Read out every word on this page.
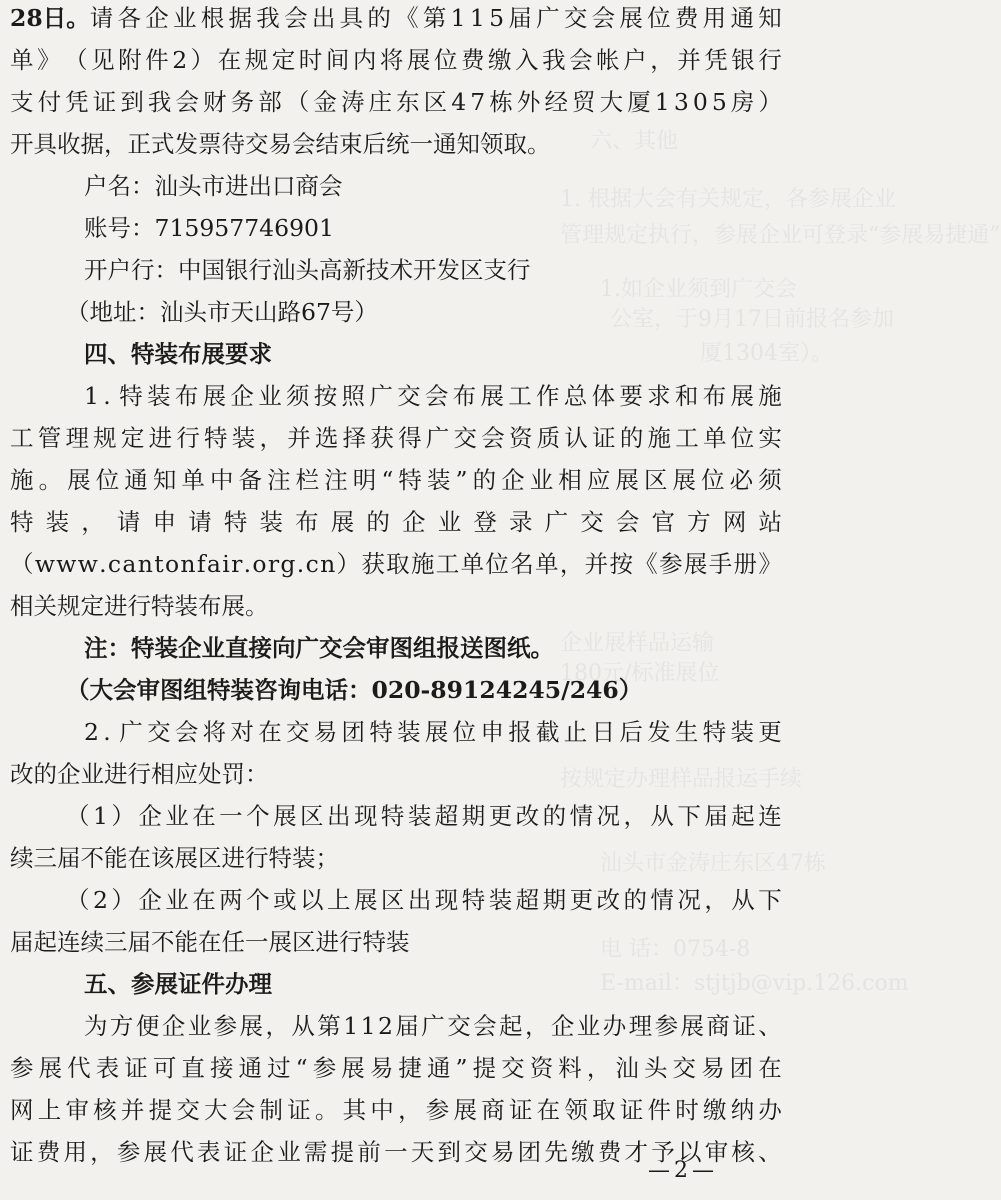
六、其他
1. 根据大会有关规定，各参展企业
管理规定执行，参展企业可登录“参展易捷通”
1.如企业须到广交会
公室，于9月17日前报名参加
厦1304室）。
企业展样品运输
180元/标准展位
按规定办理样品报运手续
汕头市金涛庄东区47栋
电 话：0754-8
E-mail：stjtjb@vip.126.com
28日。 请 各 企 业 根 据 我 会 出 具 的 《 第 1 1 5 届 广 交 会 展 位 费 用 通 知
单 》 （ 见 附 件 2 ） 在 规 定 时 间 内 将 展 位 费 缴 入 我 会 帐 户 ， 并 凭 银 行
支 付 凭 证 到 我 会 财 务 部 （ 金 涛 庄 东 区 4 7 栋 外 经 贸 大 厦 1 3 0 5 房 ）
开具收据，正式发票待交易会结束后统一通知领取。
户名：汕头市进出口商会
账号：715957746901
开户行：中国银行汕头高新技术开发区支行
（地址：汕头市天山路67号）
四、特装布展要求
1 . 特 装 布 展 企 业 须 按 照 广 交 会 布 展 工 作 总 体 要 求 和 布 展 施
工 管 理 规 定 进 行 特 装 ， 并 选 择 获 得 广 交 会 资 质 认 证 的 施 工 单 位 实
施 。 展 位 通 知 单 中 备 注 栏 注 明 “ 特 装 ” 的 企 业 相 应 展 区 展 位 必 须
特 装 ， 请 申 请 特 装 布 展 的 企 业 登 录 广 交 会 官 方 网 站
（ w w w . c a n t o n f a i r . o r g . c n ） 获 取 施 工 单 位 名 单 ， 并 按 《 参 展 手 册 》
相关规定进行特装布展。
注：特装企业直接向广交会审图组报送图纸。
（大会审图组特装咨询电话：020-89124245/246）
2 . 广 交 会 将 对 在 交 易 团 特 装 展 位 申 报 截 止 日 后 发 生 特 装 更
改的企业进行相应处罚：
（ 1 ） 企 业 在 一 个 展 区 出 现 特 装 超 期 更 改 的 情 况 ， 从 下 届 起 连
续三届不能在该展区进行特装；
（ 2 ） 企 业 在 两 个 或 以 上 展 区 出 现 特 装 超 期 更 改 的 情 况 ， 从 下
届起连续三届不能在任一展区进行特装
五、参展证件办理
为 方 便 企 业 参 展 ， 从 第 1 1 2 届 广 交 会 起 ， 企 业 办 理 参 展 商 证 、
参 展 代 表 证 可 直 接 通 过 “ 参 展 易 捷 通 ” 提 交 资 料 ， 汕 头 交 易 团 在
网 上 审 核 并 提 交 大 会 制 证 。 其 中 ， 参 展 商 证 在 领 取 证 件 时 缴 纳 办
证 费 用 ， 参 展 代 表 证 企 业 需 提 前 一 天 到 交 易 团 先 缴 费 才 予 以 审 核 、
—2—
